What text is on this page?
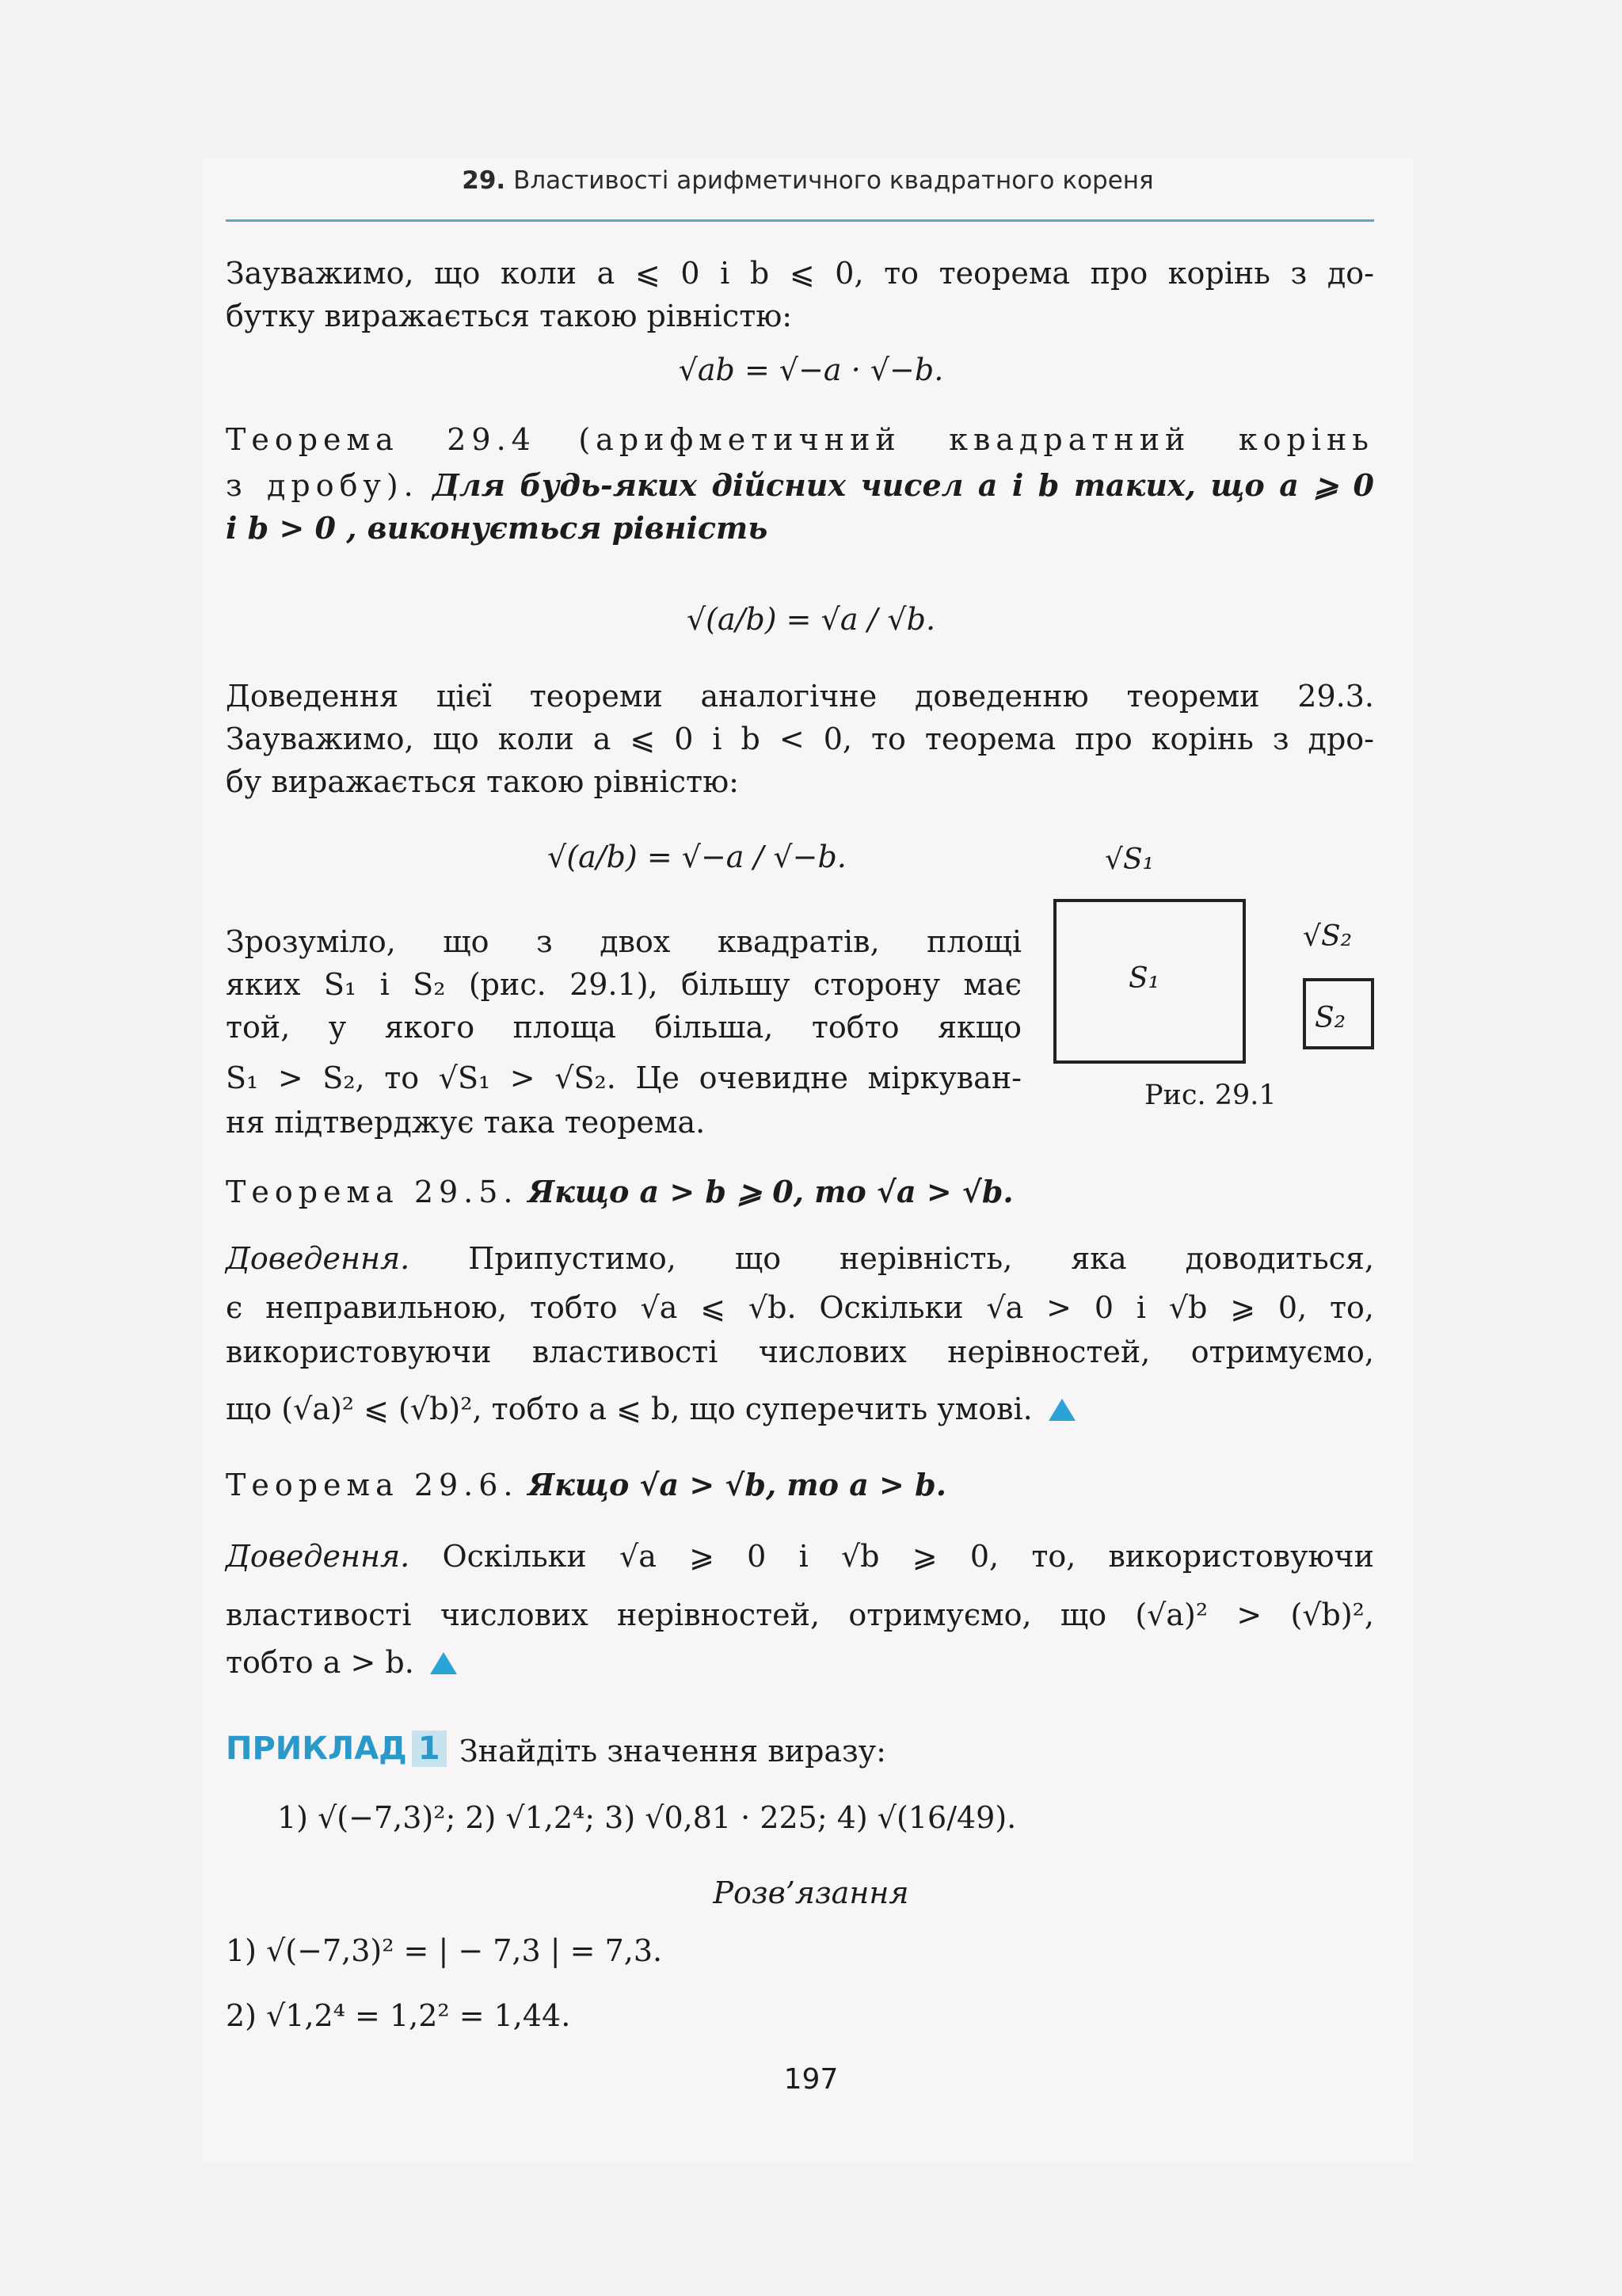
29. Властивості арифметичного квадратного кореня
Зауважимо, що коли a ⩽ 0 і b ⩽ 0, то теорема про корінь з до-
бутку виражається такою рівністю:
√ab = √−a · √−b.
Теорема 29.4 (арифметичний квадратний корінь
з дробу). Для будь-яких дійсних чисел a і b таких, що a ⩾ 0
і b > 0 , виконується рівність
√(a/b) = √a / √b.
Доведення цієї теореми аналогічне доведенню теореми 29.3.
Зауважимо, що коли a ⩽ 0 і b < 0, то теорема про корінь з дро-
бу виражається такою рівністю:
√(a/b) = √−a / √−b.
Зрозуміло, що з двох квадратів, площі
яких S₁ і S₂ (рис. 29.1), більшу сторону має
той, у якого площа більша, тобто якщо
S₁ > S₂, то √S₁ > √S₂. Це очевидне міркуван-
ня підтверджує така теорема.
√S₁
S₁
√S₂
S₂
Рис. 29.1
Теорема 29.5. Якщо a > b ⩾ 0, то √a > √b.
Доведення. Припустимо, що нерівність, яка доводиться,
є неправильною, тобто √a ⩽ √b. Оскільки √a > 0 і √b ⩾ 0, то,
використовуючи властивості числових нерівностей, отримуємо,
що (√a)² ⩽ (√b)², тобто a ⩽ b, що суперечить умові.
Теорема 29.6. Якщо √a > √b, то a > b.
Доведення. Оскільки √a ⩾ 0 і √b ⩾ 0, то, використовуючи
властивості числових нерівностей, отримуємо, що (√a)² > (√b)²,
тобто a > b.
ПРИКЛАД 1 Знайдіть значення виразу:
1) √(−7,3)²; 2) √1,2⁴; 3) √0,81 · 225; 4) √(16/49).
Розв’язання
1) √(−7,3)² = | − 7,3 | = 7,3.
2) √1,2⁴ = 1,2² = 1,44.
197
